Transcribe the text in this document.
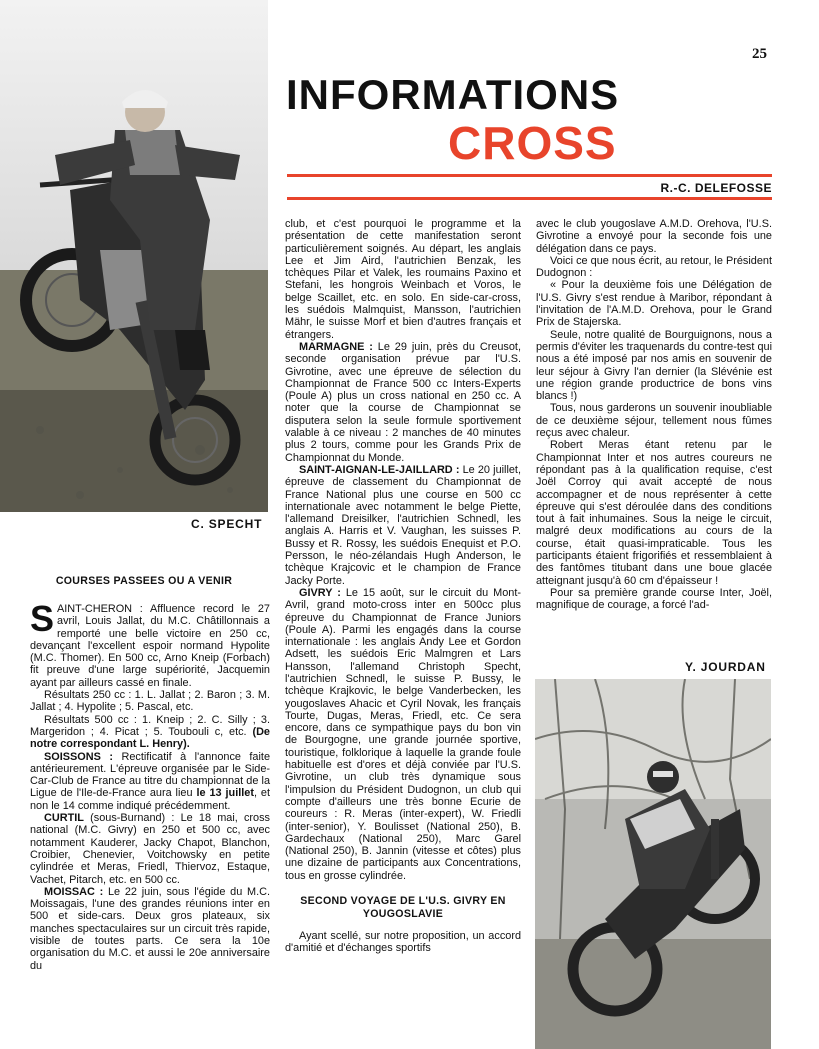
25
INFORMATIONS
CROSS
R.-C. DELEFOSSE
C. SPECHT
Y. JOURDAN
COURSES PASSEES OU A VENIR

SAINT-CHERON : Affluence record le 27 avril, Louis Jallat, du M.C. Châtillonnais a remporté une belle victoire en 250 cc, devançant l'excellent espoir normand Hypolite (M.C. Thomer). En 500 cc, Arno Kneip (Forbach) fit preuve d'une large supériorité, Jacquemin ayant par ailleurs cassé en finale.

Résultats 250 cc : 1. L. Jallat ; 2. Baron ; 3. M. Jallat ; 4. Hypolite ; 5. Pascal, etc.

Résultats 500 cc : 1. Kneip ; 2. C. Silly ; 3. Margeridon ; 4. Picat ; 5. Toubouli c, etc. (De notre correspondant L. Henry).

SOISSONS : Rectificatif à l'annonce faite antérieurement. L'épreuve organisée par le Side-Car-Club de France au titre du championnat de la Ligue de l'Ile-de-France aura lieu le 13 juillet, et non le 14 comme indiqué précédemment.

CURTIL (sous-Burnand) : Le 18 mai, cross national (M.C. Givry) en 250 et 500 cc, avec notamment Kauderer, Jacky Chapot, Blanchon, Croibier, Chenevier, Voitchowsky en petite cylindrée et Meras, Friedl, Thiervoz, Estaque, Vachet, Pitarch, etc. en 500 cc.

MOISSAC : Le 22 juin, sous l'égide du M.C. Moissagais, l'une des grandes réunions inter en 500 et side-cars. Deux gros plateaux, six manches spectaculaires sur un circuit très rapide, visible de toutes parts. Ce sera la 10e organisation du M.C. et aussi le 20e anniversaire du

club, et c'est pourquoi le programme et la présentation de cette manifestation seront particulièrement soignés. Au départ, les anglais Lee et Jim Aird, l'autrichien Benzak, les tchèques Pilar et Valek, les roumains Paxino et Stefani, les hongrois Weinbach et Voros, le belge Scaillet, etc. en solo. En side-car-cross, les suédois Malmquist, Mansson, l'autrichien Mähr, le suisse Morf et bien d'autres français et étrangers.

MARMAGNE : Le 29 juin, près du Creusot, seconde organisation prévue par l'U.S. Givrotine, avec une épreuve de sélection du Championnat de France 500 cc Inters-Experts (Poule A) plus un cross national en 250 cc. A noter que la course de Championnat se disputera selon la seule formule sportivement valable à ce niveau : 2 manches de 40 minutes plus 2 tours, comme pour les Grands Prix de Championnat du Monde.

SAINT-AIGNAN-LE-JAILLARD : Le 20 juillet, épreuve de classement du Championnat de France National plus une course en 500 cc internationale avec notamment le belge Piette, l'allemand Dreisilker, l'autrichien Schnedl, les anglais A. Harris et V. Vaughan, les suisses P. Bussy et R. Rossy, les suédois Enequist et P.O. Persson, le néo-zélandais Hugh Anderson, le tchèque Krajcovic et le champion de France Jacky Porte.

GIVRY : Le 15 août, sur le circuit du Mont-Avril, grand moto-cross inter en 500cc plus épreuve du Championnat de France Juniors (Poule A). Parmi les engagés dans la course internationale : les anglais Andy Lee et Gordon Adsett, les suédois Eric Malmgren et Lars Hansson, l'allemand Christoph Specht, l'autrichien Schnedl, le suisse P. Bussy, le tchèque Krajkovic, le belge Vanderbecken, les yougoslaves Ahacic et Cyril Novak, les français Tourte, Dugas, Meras, Friedl, etc. Ce sera encore, dans ce sympathique pays du bon vin de Bourgogne, une grande journée sportive, touristique, folklorique à laquelle la grande foule habituelle est d'ores et déjà conviée par l'U.S. Givrotine, un club très dynamique sous l'impulsion du Président Dudognon, un club qui compte d'ailleurs une très bonne Ecurie de coureurs : R. Meras (inter-expert), W. Friedli (inter-senior), Y. Boulisset (National 250), B. Gardechaux (National 250), Marc Garel (National 250), B. Jannin (vitesse et côtes) plus une dizaine de participants aux Concentrations, tous en grosse cylindrée.

SECOND VOYAGE DE L'U.S. GIVRY EN YOUGOSLAVIE

Ayant scellé, sur notre proposition, un accord d'amitié et d'échanges sportifs

avec le club yougoslave A.M.D. Orehova, l'U.S. Givrotine a envoyé pour la seconde fois une délégation dans ce pays.

Voici ce que nous écrit, au retour, le Président Dudognon :

« Pour la deuxième fois une Délégation de l'U.S. Givry s'est rendue à Maribor, répondant à l'invitation de l'A.M.D. Orehova, pour le Grand Prix de Stajerska.

Seule, notre qualité de Bourguignons, nous a permis d'éviter les traquenards du contre-test qui nous a été imposé par nos amis en souvenir de leur séjour à Givry l'an dernier (la Slévénie est une région grande productrice de bons vins blancs !)

Tous, nous garderons un souvenir inoubliable de ce deuxième séjour, tellement nous fûmes reçus avec chaleur.

Robert Meras étant retenu par le Championnat Inter et nos autres coureurs ne répondant pas à la qualification requise, c'est Joël Corroy qui avait accepté de nous accompagner et de nous représenter à cette épreuve qui s'est déroulée dans des conditions tout à fait inhumaines. Sous la neige le circuit, malgré deux modifications au cours de la course, était quasi-impraticable. Tous les participants étaient frigorifiés et ressemblaient à des fantômes titubant dans une boue glacée atteignant jusqu'à 60 cm d'épaisseur !

Pour sa première grande course Inter, Joël, magnifique de courage, a forcé l'ad-
